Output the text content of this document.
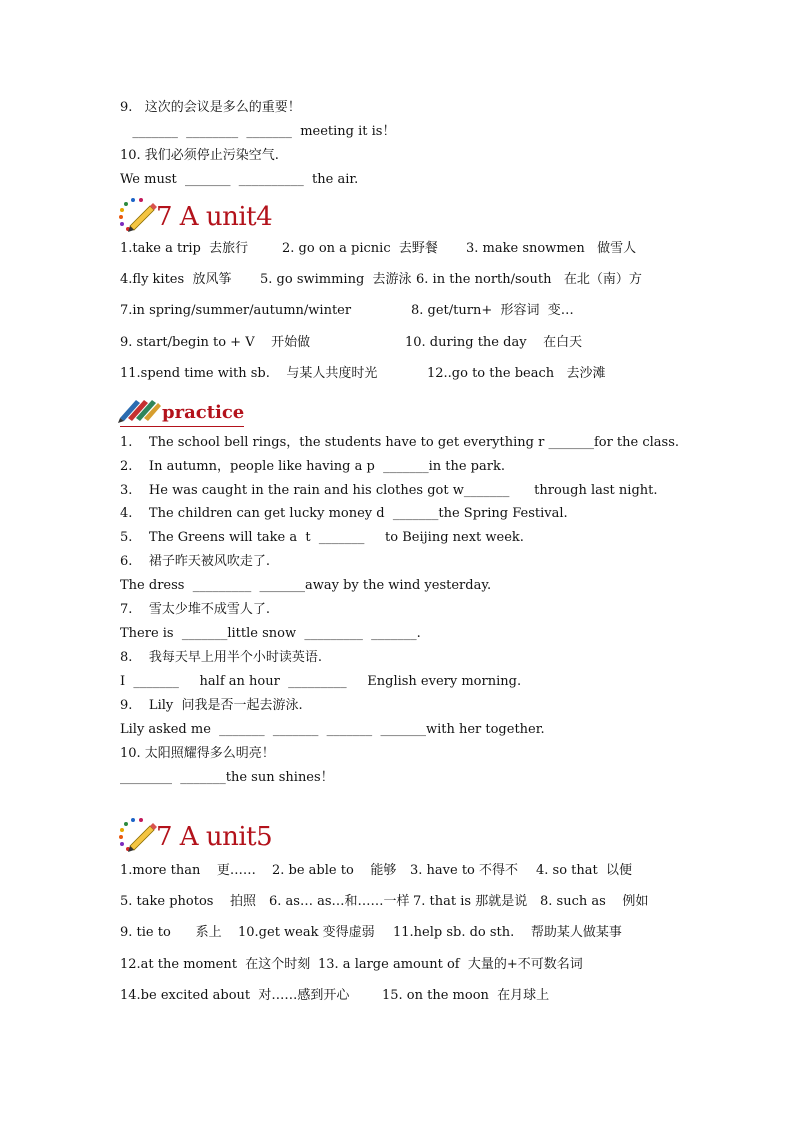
9.   这次的会议是多么的重要！
_______  ________  _______  meeting it is！
10. 我们必须停止污染空气.
We must  _______  __________  the air.
7 A unit4

1.take a trip  去旅行

	2. go on a picnic  去野餐

3. make snowmen   做雪人

4.fly kites  放风筝

5. go swimming  去游泳

6. in the north/south   在北（南）方

7.in spring/summer/autumn/winter

	8. get/turn+  形容词  变…

9. start/begin to + V    开始做

	10. during the day    在白天

11.spend time with sb.    与某人共度时光

	12..go to the beach   去沙滩

practice
1.    The school bell rings，the students have to get everything r _______for the class.
2.    In autumn，people like having a p  _______in the park.
3.    He was caught in the rain and his clothes got w_______      through last night.
4.    The children can get lucky money d  _______the Spring Festival.
5.    The Greens will take a  t  _______     to Beijing next week.
6.    裙子昨天被风吹走了.
The dress  _________  _______away by the wind yesterday.
7.    雪太少堆不成雪人了.
There is  _______little snow  _________  _______.
8.    我每天早上用半个小时读英语.
I  _______     half an hour  _________     English every morning.
9.    Lily  问我是否一起去游泳.
Lily asked me  _______  _______  _______  _______with her together.
10. 太阳照耀得多么明亮！
________  _______the sun shines！
7 A unit5

1.more than    更……

2. be able to    能够

3. have to 不得不

4. so that  以便

5. take photos    拍照

6. as… as…和……一样

7. that is 那就是说

8. such as    例如

9. tie to      系上

10.get weak 变得虚弱

11.help sb. do sth.    帮助某人做某事

12.at the moment  在这个时刻

13. a large amount of  大量的+不可数名词

14.be excited about  对……感到开心

	15. on the moon  在月球上
